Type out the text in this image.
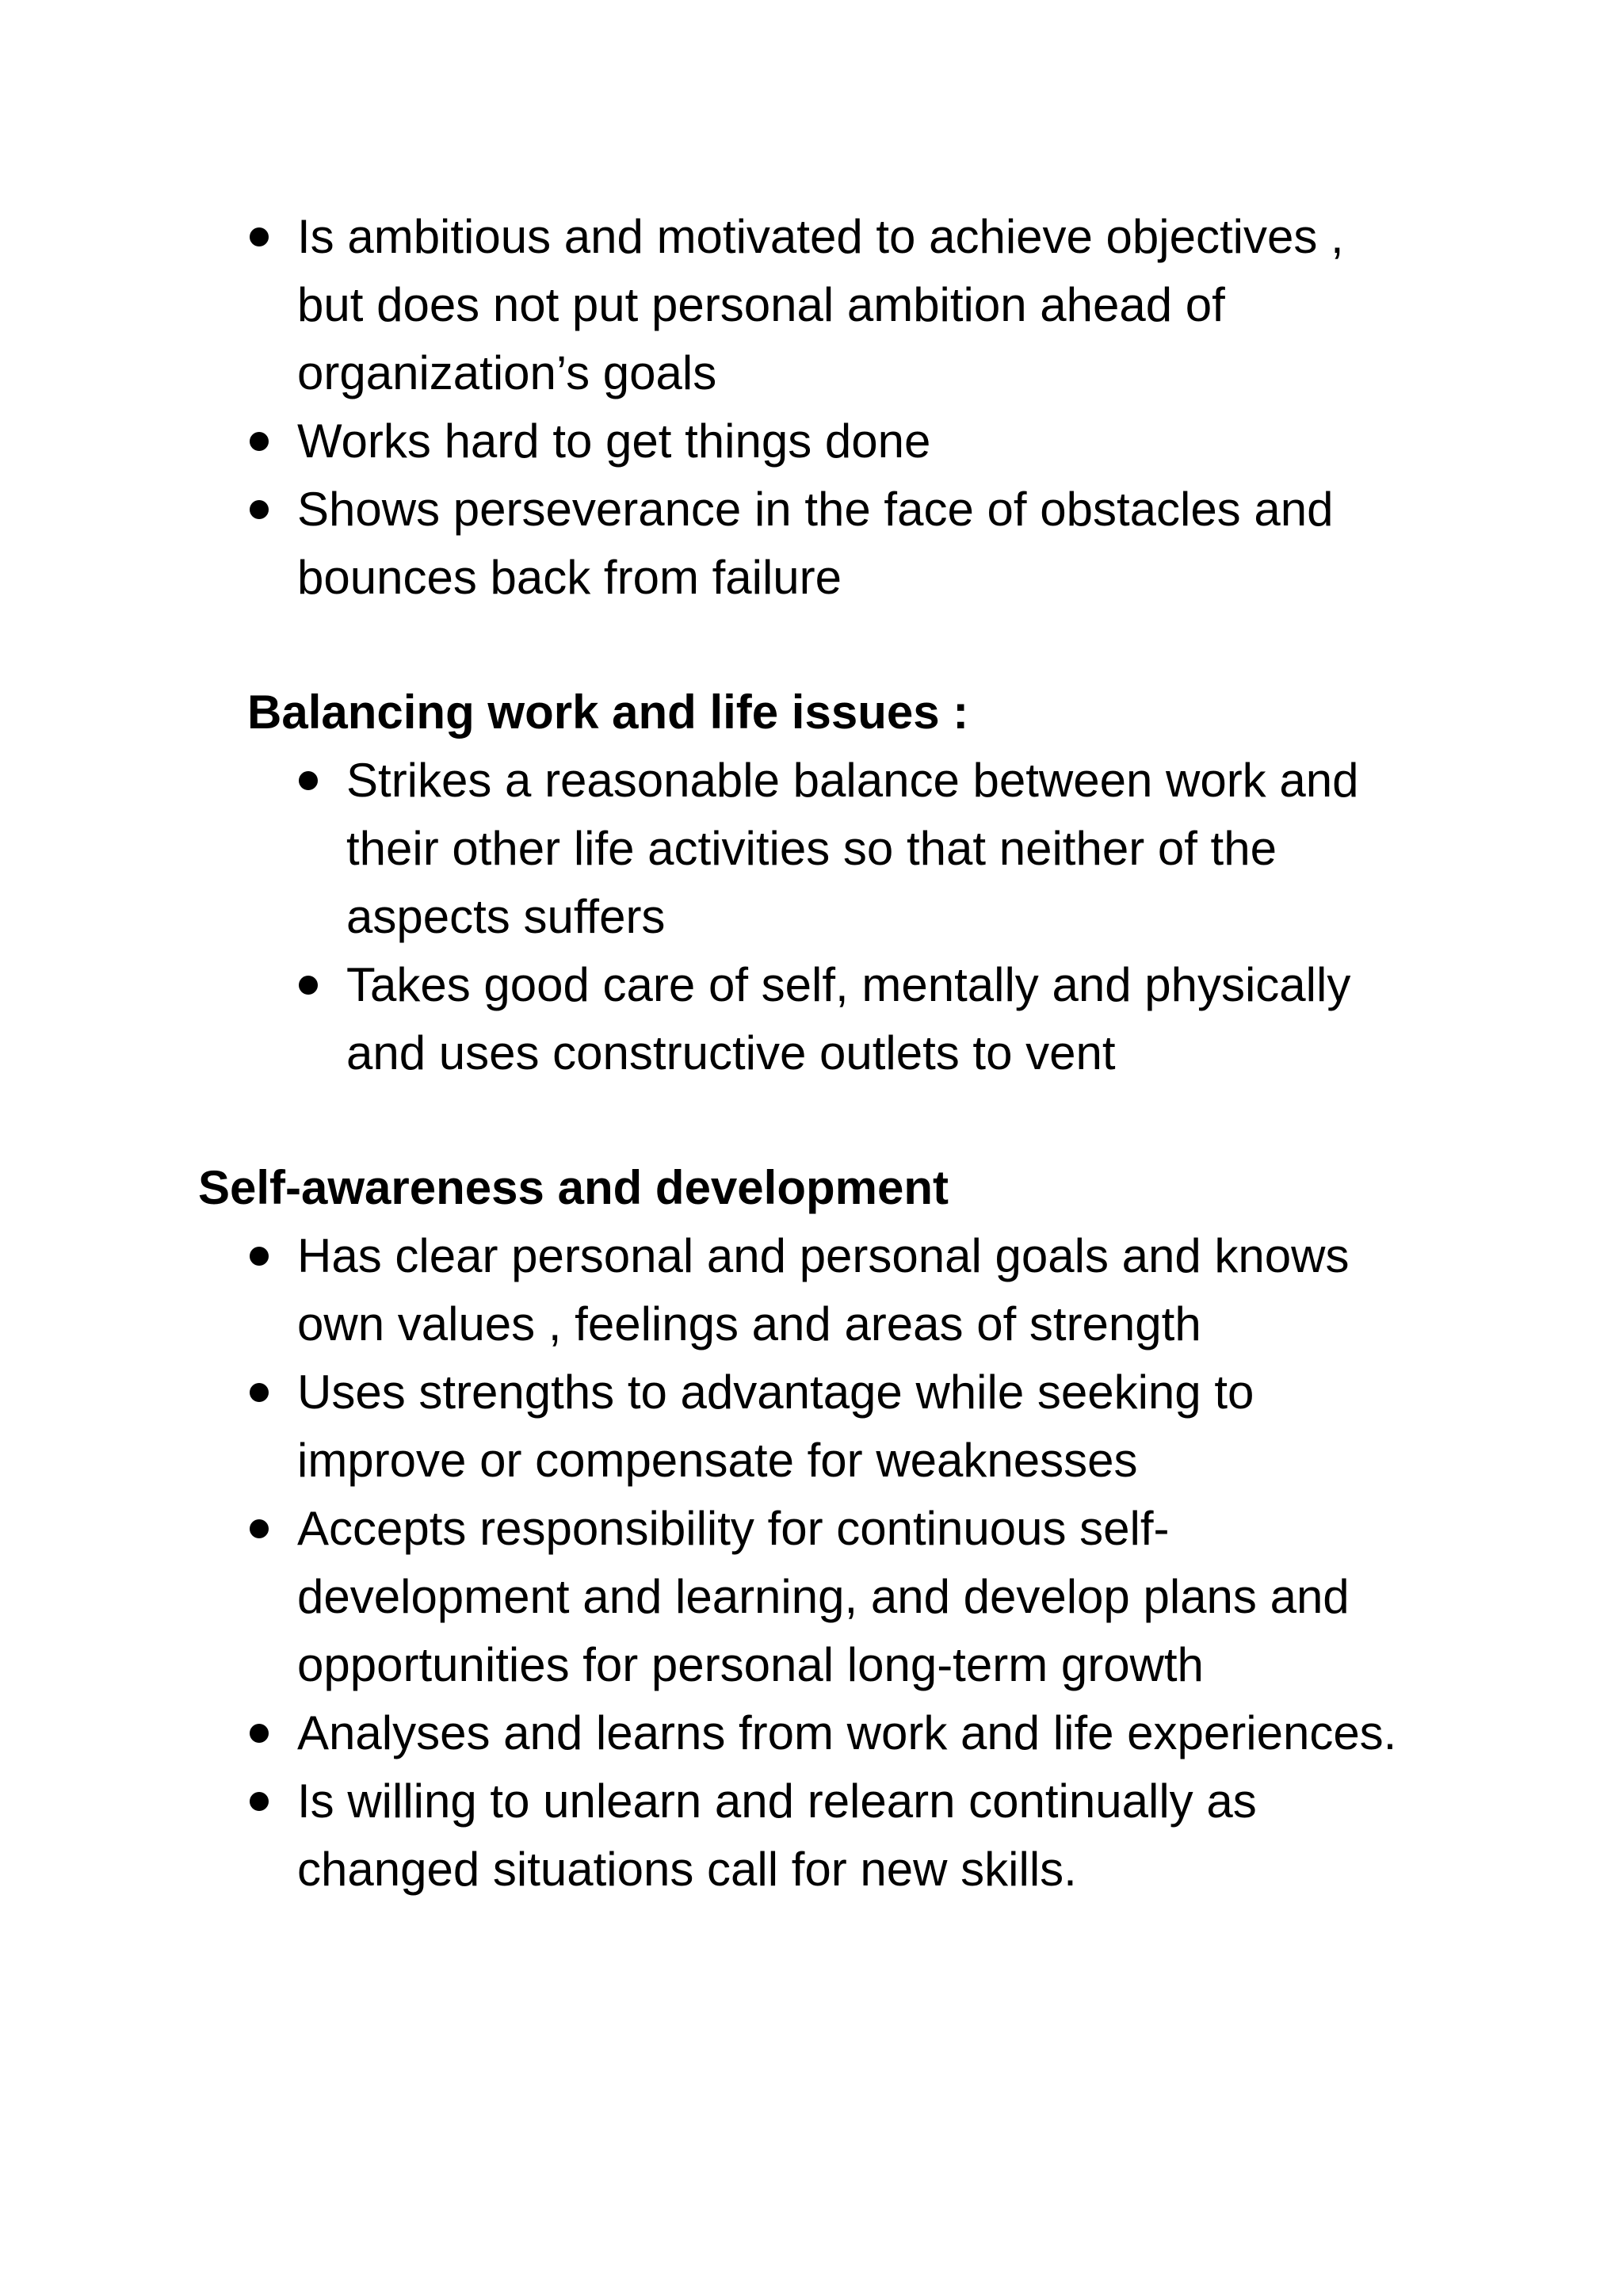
Is ambitious and motivated to achieve objectives , but does not put personal ambition ahead of organization’s goals
Works hard to get things done
Shows perseverance in the face of obstacles and bounces back from failure
Balancing work and life issues :
Strikes a reasonable balance between work and their other life activities so that neither of the aspects suffers
Takes good care of self, mentally and physically and uses constructive outlets to vent
Self-awareness and development
Has clear personal and personal goals and knows own values , feelings and areas of strength
Uses strengths to advantage while seeking to improve or compensate for weaknesses
Accepts responsibility for continuous self-development and learning, and develop plans and opportunities for personal long-term growth
Analyses and learns from work and life experiences.
Is willing to unlearn and relearn continually as changed situations call for new skills.
